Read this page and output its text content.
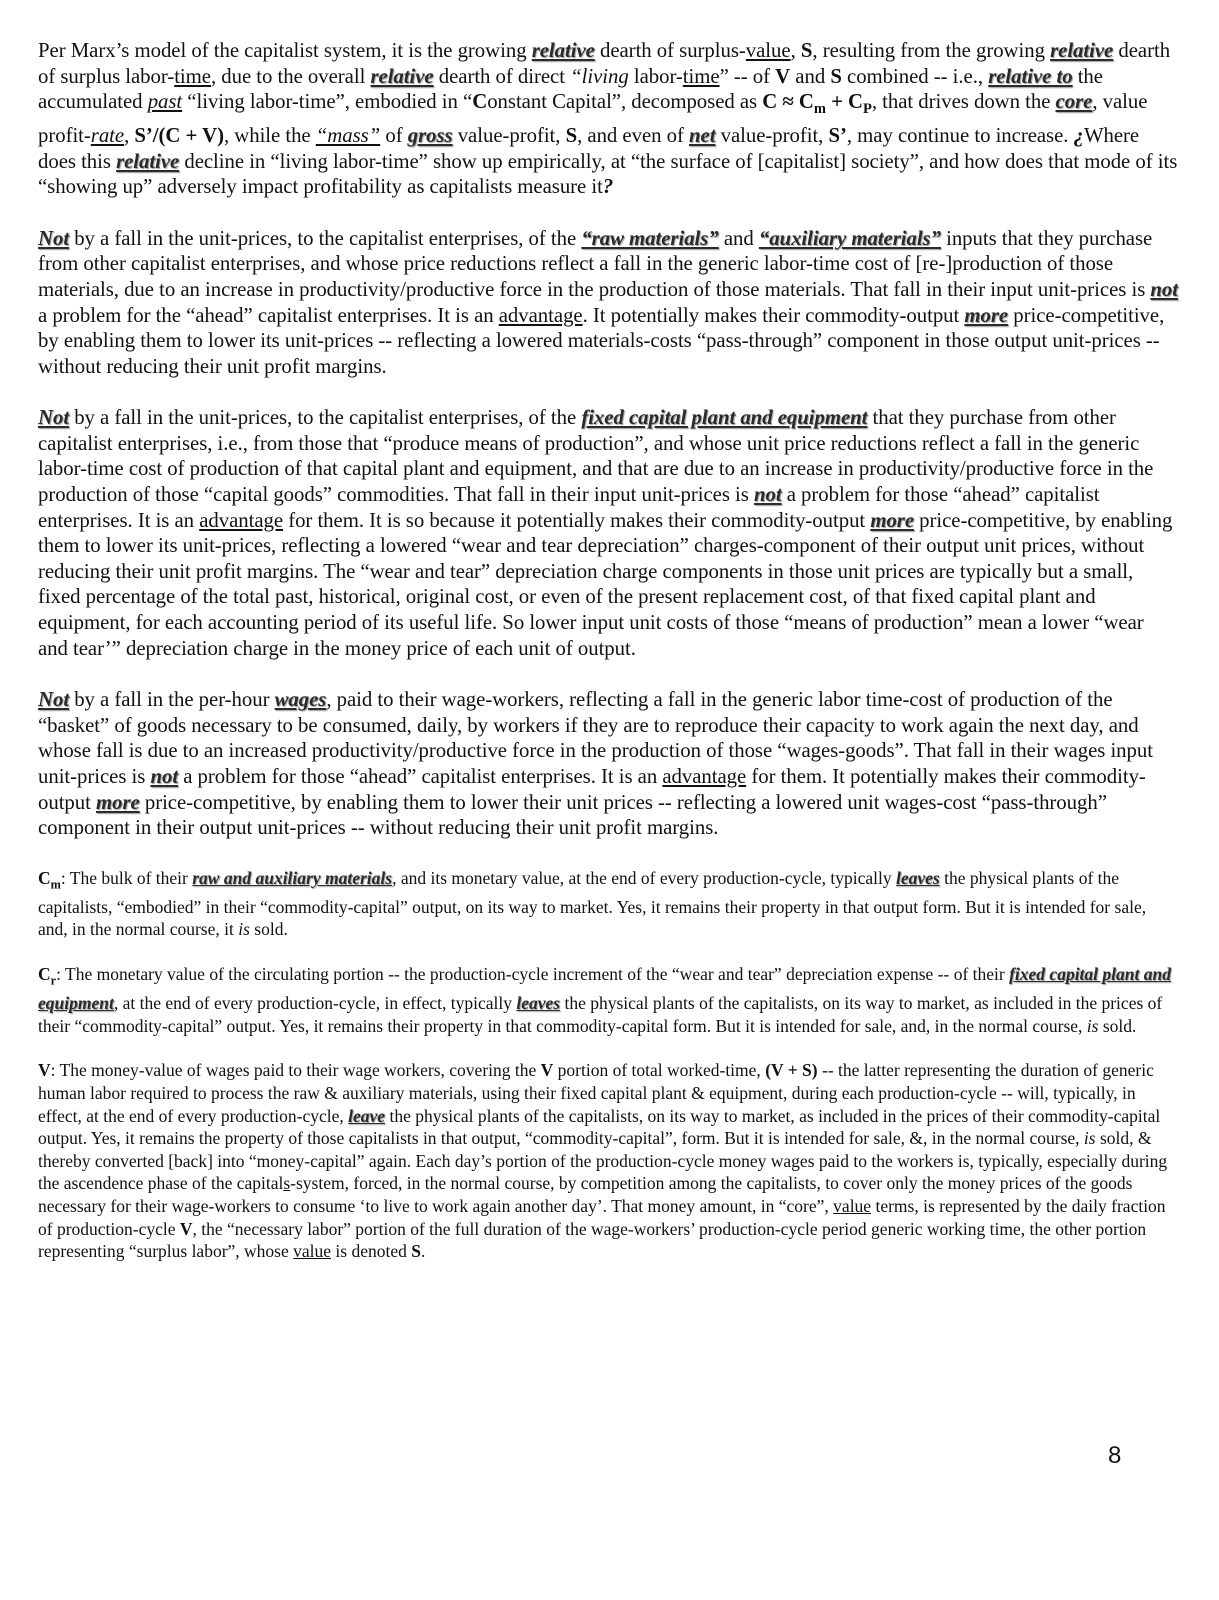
Per Marx’s model of the capitalist system, it is the growing relative dearth of surplus-value, S, resulting from the growing relative dearth of surplus labor-time, due to the overall relative dearth of direct “living labor-time” -- of V and S combined -- i.e., relative to the accumulated past “living labor-time”, embodied in “Constant Capital”, decomposed as $C \approx C_m + C_P$, that drives down the core, value profit-rate, S’/(C + V), while the “mass” of gross value-profit, S, and even of net value-profit, S’, may continue to increase. ¿Where does this relative decline in “living labor-time” show up empirically, at “the surface of [capitalist] society”, and how does that mode of its “showing up” adversely impact profitability as capitalists measure it?

Not by a fall in the unit-prices, to the capitalist enterprises, of the “raw materials” and “auxiliary materials” inputs that they purchase from other capitalist enterprises, and whose price reductions reflect a fall in the generic labor-time cost of [re-]production of those materials, due to an increase in productivity/productive force in the production of those materials. That fall in their input unit-prices is not a problem for the “ahead” capitalist enterprises. It is an advantage. It potentially makes their commodity-output more price-competitive, by enabling them to lower its unit-prices -- reflecting a lowered materials-costs “pass-through” component in those output unit-prices -- without reducing their unit profit margins.

Not by a fall in the unit-prices, to the capitalist enterprises, of the fixed capital plant and equipment that they purchase from other capitalist enterprises, i.e., from those that “produce means of production”, and whose unit price reductions reflect a fall in the generic labor-time cost of production of that capital plant and equipment, and that are due to an increase in productivity/productive force in the production of those “capital goods” commodities. That fall in their input unit-prices is not a problem for those “ahead” capitalist enterprises. It is an advantage for them. It is so because it potentially makes their commodity-output more price-competitive, by enabling them to lower its unit-prices, reflecting a lowered “wear and tear depreciation” charges-component of their output unit prices, without reducing their unit profit margins. The “wear and tear” depreciation charge components in those unit prices are typically but a small, fixed percentage of the total past, historical, original cost, or even of the present replacement cost, of that fixed capital plant and equipment, for each accounting period of its useful life. So lower input unit costs of those “means of production” mean a lower “wear and tear’” depreciation charge in the money price of each unit of output.

Not by a fall in the per-hour wages, paid to their wage-workers, reflecting a fall in the generic labor time-cost of production of the “basket” of goods necessary to be consumed, daily, by workers if they are to reproduce their capacity to work again the next day, and whose fall is due to an increased productivity/productive force in the production of those “wages-goods”. That fall in their wages input unit-prices is not a problem for those “ahead” capitalist enterprises. It is an advantage for them. It potentially makes their commodity-output more price-competitive, by enabling them to lower their unit prices -- reflecting a lowered unit wages-cost “pass-through” component in their output unit-prices -- without reducing their unit profit margins.

$C_m$: The bulk of their raw and auxiliary materials, and its monetary value, at the end of every production-cycle, typically leaves the physical plants of the capitalists, “embodied” in their “commodity-capital” output, on its way to market. Yes, it remains their property in that output form. But it is intended for sale, and, in the normal course, it is sold.

$C_r$: The monetary value of the circulating portion -- the production-cycle increment of the “wear and tear” depreciation expense -- of their fixed capital plant and equipment, at the end of every production-cycle, in effect, typically leaves the physical plants of the capitalists, on its way to market, as included in the prices of their “commodity-capital” output. Yes, it remains their property in that commodity-capital form. But it is intended for sale, and, in the normal course, is sold.

V: The money-value of wages paid to their wage workers, covering the V portion of total worked-time, (V + S) -- the latter representing the duration of generic human labor required to process the raw & auxiliary materials, using their fixed capital plant & equipment, during each production-cycle -- will, typically, in effect, at the end of every production-cycle, leave the physical plants of the capitalists, on its way to market, as included in the prices of their commodity-capital output. Yes, it remains the property of those capitalists in that output, “commodity-capital”, form. But it is intended for sale, &, in the normal course, is sold, & thereby converted [back] into “money-capital” again. Each day’s portion of the production-cycle money wages paid to the workers is, typically, especially during the ascendence phase of the capitals-system, forced, in the normal course, by competition among the capitalists, to cover only the money prices of the goods necessary for their wage-workers to consume ‘to live to work again another day’. That money amount, in “core”, value terms, is represented by the daily fraction of production-cycle V, the “necessary labor” portion of the full duration of the wage-workers’ production-cycle period generic working time, the other portion representing “surplus labor”, whose value is denoted S.

8
